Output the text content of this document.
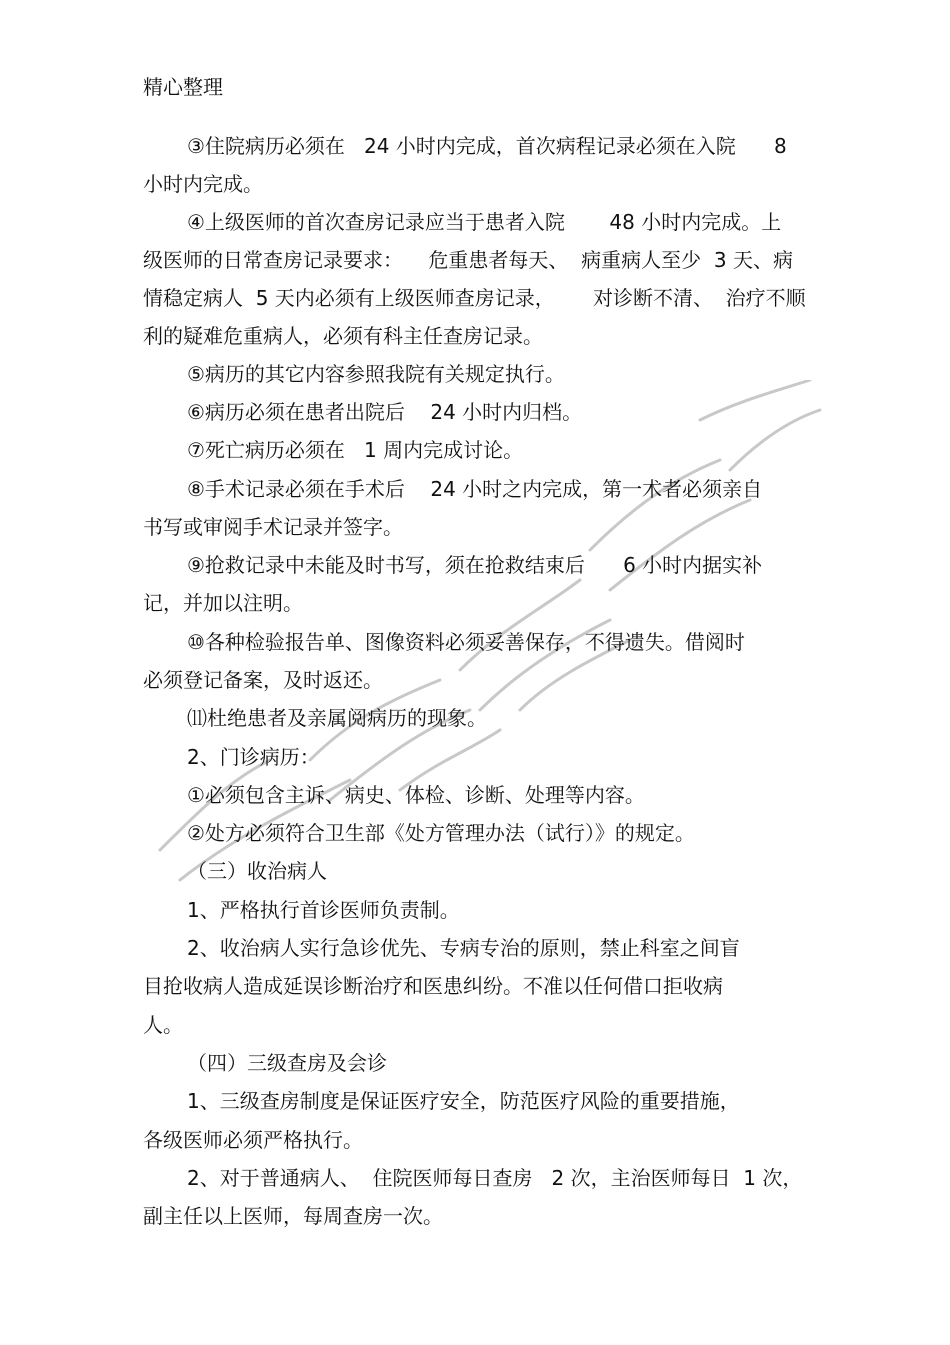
精心整理
③住院病历必须在   24 小时内完成，首次病程记录必须在入院      8
小时内完成。
④上级医师的首次查房记录应当于患者入院       48 小时内完成。上
级医师的日常查房记录要求：    危重患者每天、  病重病人至少  3 天、病
情稳定病人  5 天内必须有上级医师查房记录，      对诊断不清、  治疗不顺
利的疑难危重病人，必须有科主任查房记录。
⑤病历的其它内容参照我院有关规定执行。
⑥病历必须在患者出院后    24 小时内归档。
⑦死亡病历必须在   1 周内完成讨论。
⑧手术记录必须在手术后    24 小时之内完成，第一术者必须亲自
书写或审阅手术记录并签字。
⑨抢救记录中未能及时书写，须在抢救结束后      6 小时内据实补
记，并加以注明。
⑩各种检验报告单、图像资料必须妥善保存，不得遗失。借阅时
必须登记备案，及时返还。
⑾杜绝患者及亲属阅病历的现象。
2、门诊病历：
①必须包含主诉、病史、体检、诊断、处理等内容。
②处方必须符合卫生部《处方管理办法（试行）》的规定。
（三）收治病人
1、严格执行首诊医师负责制。
2、收治病人实行急诊优先、专病专治的原则，禁止科室之间盲
目抢收病人造成延误诊断治疗和医患纠纷。不准以任何借口拒收病
人。
（四）三级查房及会诊
1、三级查房制度是保证医疗安全，防范医疗风险的重要措施，
各级医师必须严格执行。
2、对于普通病人、  住院医师每日查房   2 次，主治医师每日  1 次，
副主任以上医师，每周查房一次。
